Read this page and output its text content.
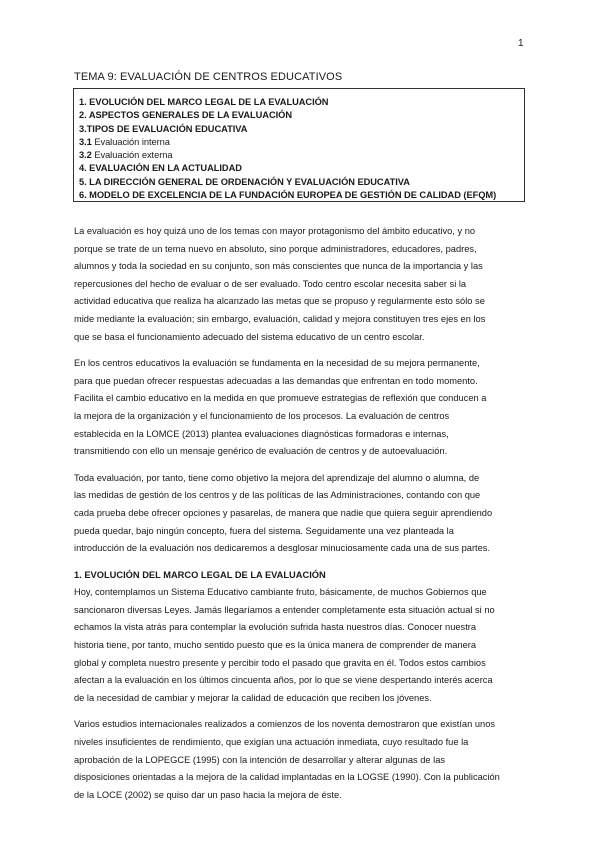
1
TEMA 9: EVALUACIÓN DE CENTROS EDUCATIVOS
1. EVOLUCIÓN DEL MARCO LEGAL DE LA EVALUACIÓN
2. ASPECTOS GENERALES DE LA EVALUACIÓN
3.TIPOS DE EVALUACIÓN EDUCATIVA
3.1 Evaluación interna
3.2 Evaluación externa
4. EVALUACIÓN EN LA ACTUALIDAD
5. LA DIRECCIÓN GENERAL DE ORDENACIÓN Y EVALUACIÓN EDUCATIVA
6. MODELO DE EXCELENCIA DE LA FUNDACIÓN EUROPEA DE GESTIÓN DE CALIDAD (EFQM)
La evaluación es hoy quizá uno de los temas con mayor protagonismo del ámbito educativo, y no
porque se trate de un tema nuevo en absoluto, sino porque administradores, educadores, padres,
alumnos y toda la sociedad en su conjunto, son más conscientes que nunca de la importancia y las
repercusiones del hecho de evaluar o de ser evaluado. Todo centro escolar necesita saber si la
actividad educativa que realiza ha alcanzado las metas que se propuso y regularmente esto sólo se
mide mediante la evaluación; sin embargo, evaluación, calidad y mejora constituyen tres ejes en los
que se basa el funcionamiento adecuado del sistema educativo de un centro escolar.
En los centros educativos la evaluación se fundamenta en la necesidad de su mejora permanente,
para que puedan ofrecer respuestas adecuadas a las demandas que enfrentan en todo momento.
Facilita el cambio educativo en la medida en que promueve estrategias de reflexión que conducen a
la mejora de la organización y el funcionamiento de los procesos. La evaluación de centros
establecida en la LOMCE (2013) plantea evaluaciones diagnósticas formadoras e internas,
transmitiendo con ello un mensaje genérico de evaluación de centros y de autoevaluación.
Toda evaluación, por tanto, tiene como objetivo la mejora del aprendizaje del alumno o alumna, de
las medidas de gestión de los centros y de las políticas de las Administraciones, contando con que
cada prueba debe ofrecer opciones y pasarelas, de manera que nadie que quiera seguir aprendiendo
pueda quedar, bajo ningún concepto, fuera del sistema. Seguidamente una vez planteada la
introducción de la evaluación nos dedicaremos a desglosar minuciosamente cada una de sus partes.
1. EVOLUCIÓN DEL MARCO LEGAL DE LA EVALUACIÓN
Hoy, contemplamos un Sistema Educativo cambiante fruto, básicamente, de muchos Gobiernos que
sancionaron diversas Leyes. Jamás llegaríamos a entender completamente esta situación actual si no
echamos la vista atrás para contemplar la evolución sufrida hasta nuestros días. Conocer nuestra
historia tiene, por tanto, mucho sentido puesto que es la única manera de comprender de manera
global y completa nuestro presente y percibir todo el pasado que gravita en él. Todos estos cambios
afectan a la evaluación en los últimos cincuenta años, por lo que se viene despertando interés acerca
de la necesidad de cambiar y mejorar la calidad de educación que reciben los jóvenes.
Varios estudios internacionales realizados a comienzos de los noventa demostraron que existían unos
niveles insuficientes de rendimiento, que exigían una actuación inmediata, cuyo resultado fue la
aprobación de la LOPEGCE (1995) con la intención de desarrollar y alterar algunas de las
disposiciones orientadas a la mejora de la calidad implantadas en la LOGSE (1990). Con la publicación
de la LOCE (2002) se quiso dar un paso hacia la mejora de éste.
